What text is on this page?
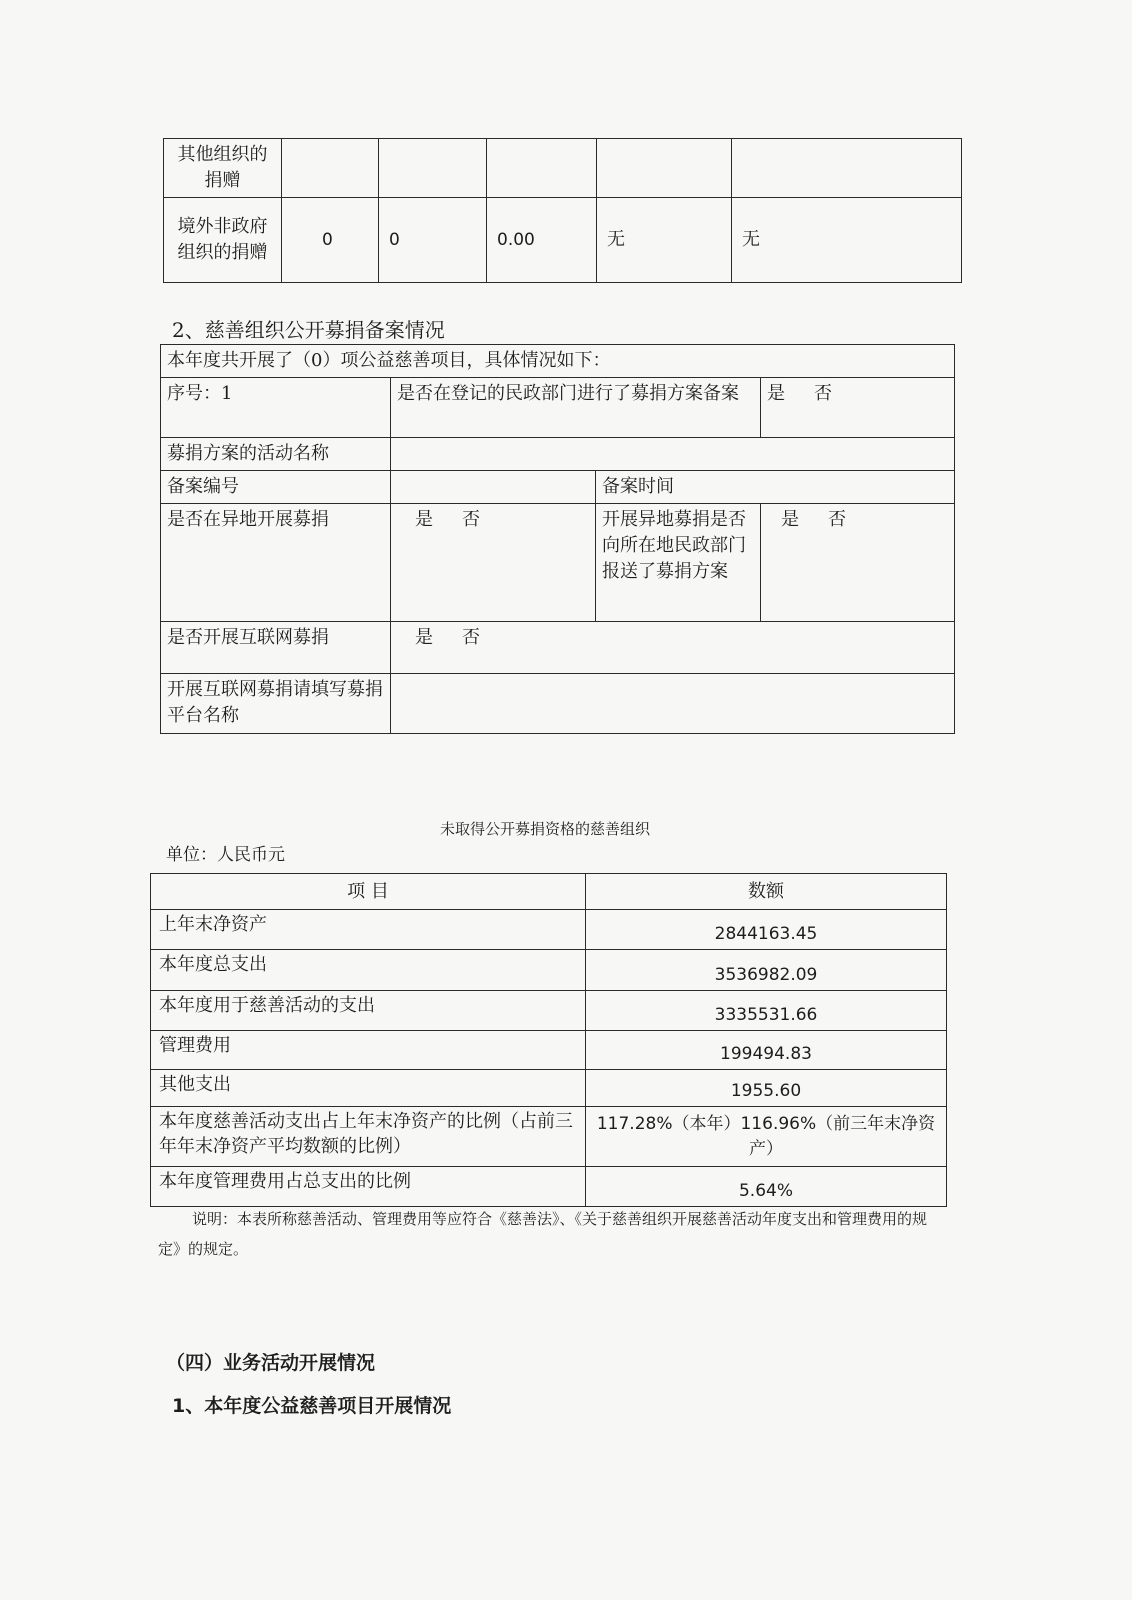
其他组织的捐赠					
境外非政府组织的捐赠	0	0	0.00	无	无
2、慈善组织公开募捐备案情况
本年度共开展了（0）项公益慈善项目，具体情况如下：			
序号：1	是否在登记的民政部门进行了募捐方案备案		是 否
募捐方案的活动名称			
备案编号		备案时间	
是否在异地开展募捐	是 否	开展异地募捐是否向所在地民政部门报送了募捐方案	是 否
是否开展互联网募捐	是 否		
开展互联网募捐请填写募捐平台名称			
未取得公开募捐资格的慈善组织
单位：人民币元
项 目	数额
上年末净资产	2844163.45
本年度总支出	3536982.09
本年度用于慈善活动的支出	3335531.66
管理费用	199494.83
其他支出	1955.60
本年度慈善活动支出占上年末净资产的比例（占前三年年末净资产平均数额的比例）	117.28%（本年）116.96%（前三年末净资产）
本年度管理费用占总支出的比例	5.64%
说明：本表所称慈善活动、管理费用等应符合《慈善法》、《关于慈善组织开展慈善活动年度支出和管理费用的规定》的规定。
（四）业务活动开展情况
1、本年度公益慈善项目开展情况
